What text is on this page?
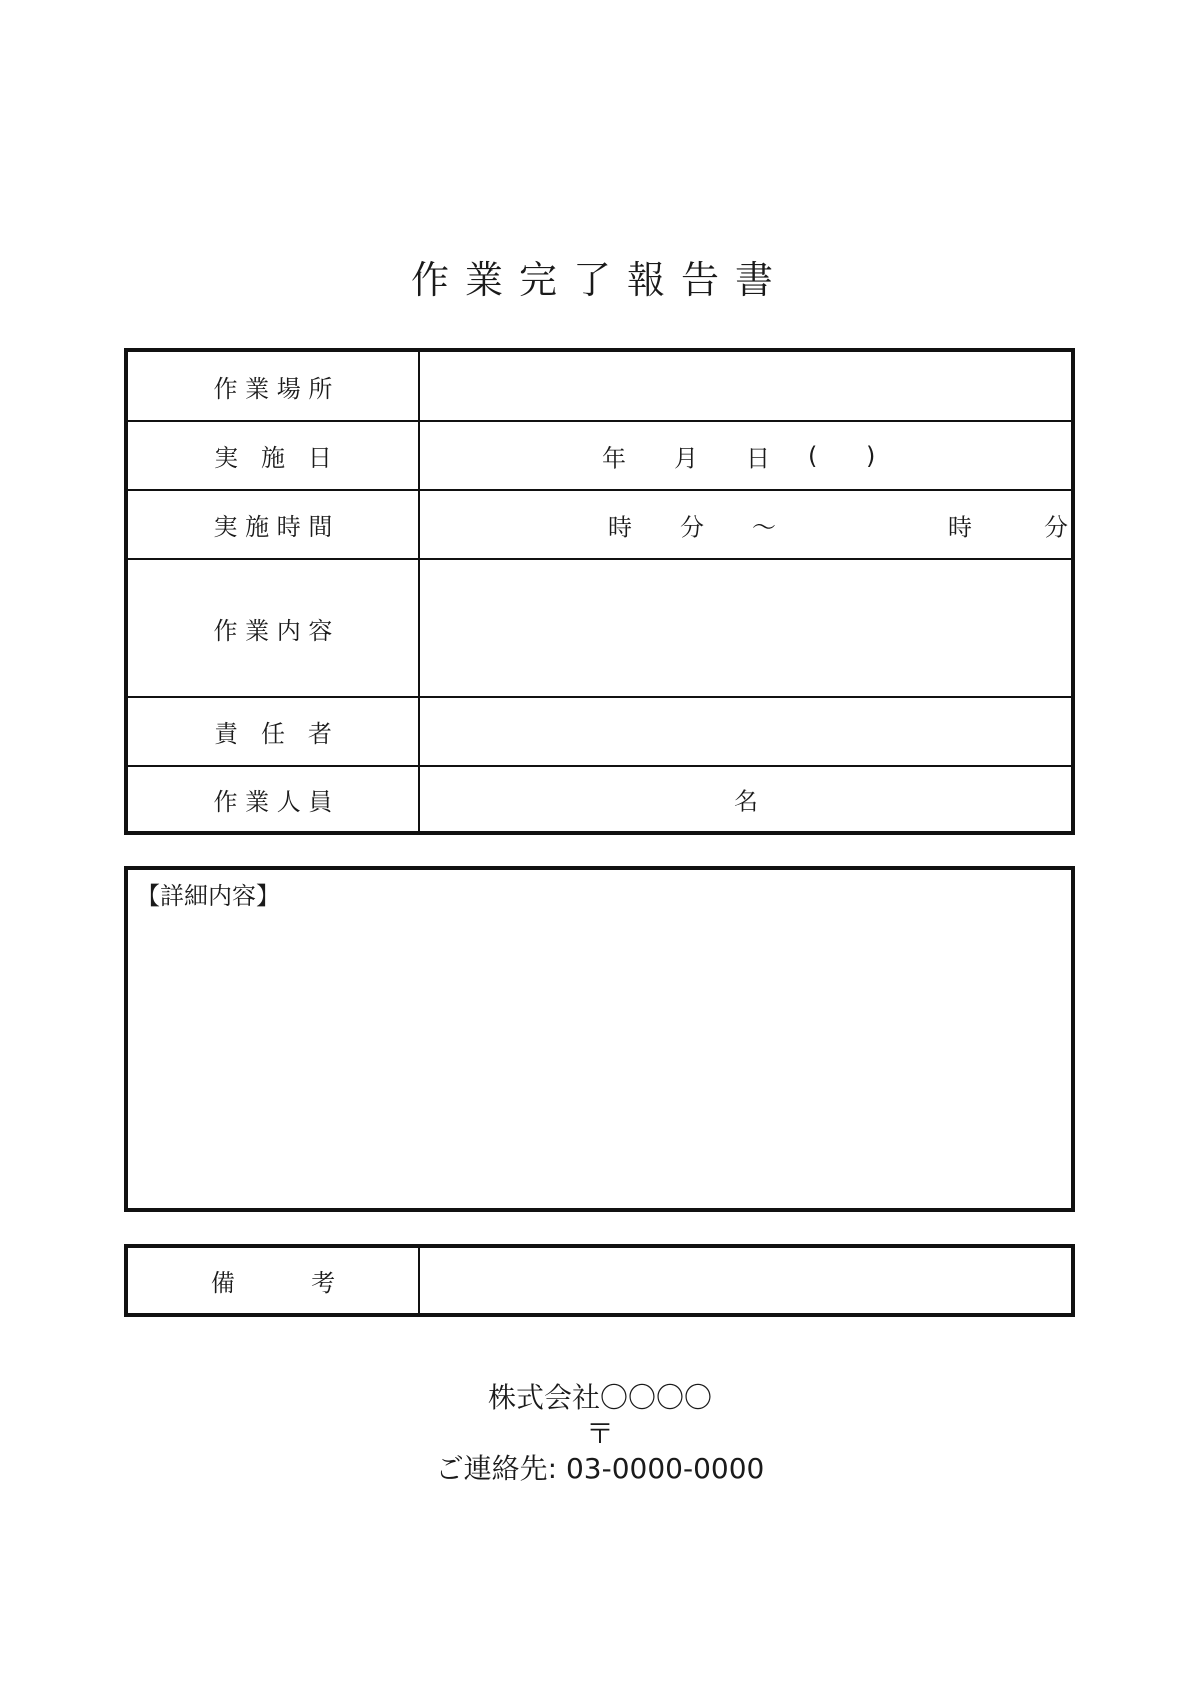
作業完了報告書
作 業 場 所
実   施   日	年 月 日 ( )
実 施 時 間	時 分 〜	時	分
作 業 内 容
責   任   者
作 業 人 員	名
【詳細内容】
備          考
株式会社〇〇〇〇
〒
ご連絡先: 03-0000-0000
